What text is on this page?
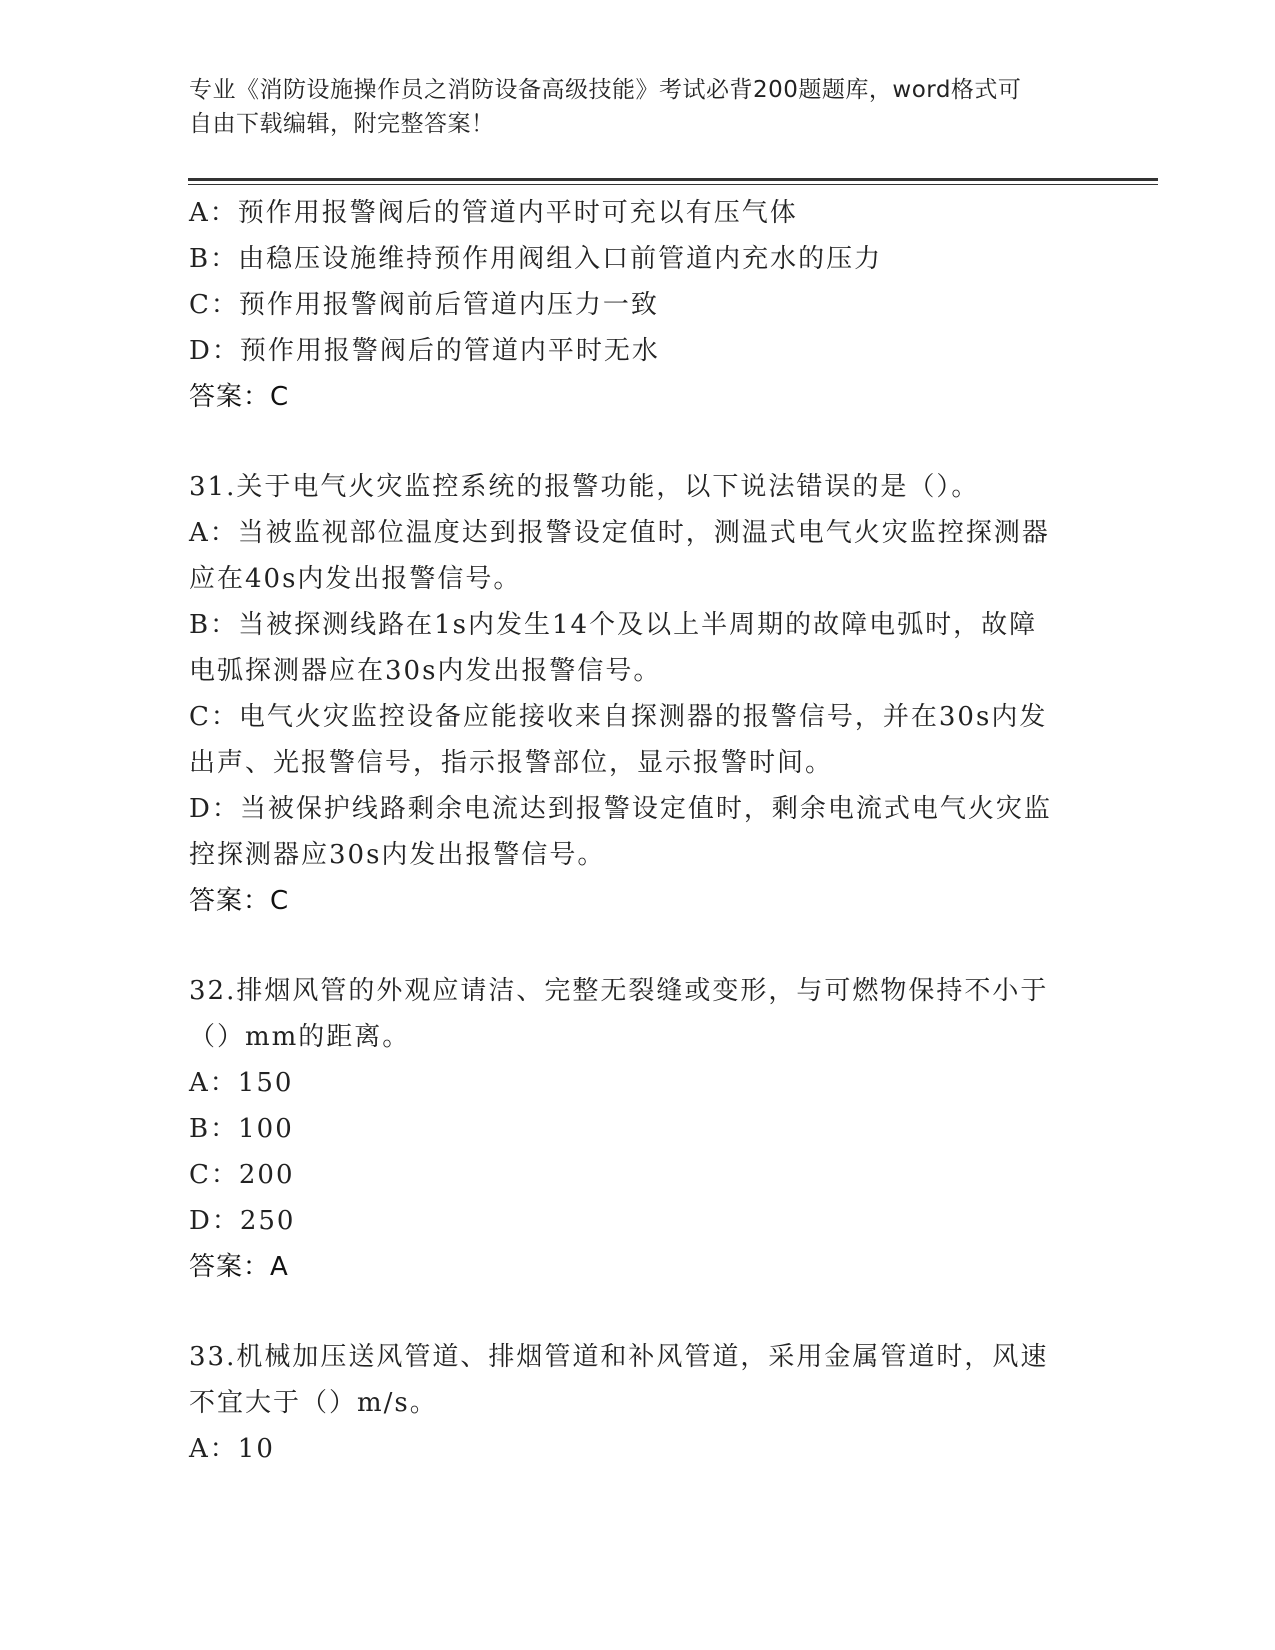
专业《消防设施操作员之消防设备高级技能》考试必背200题题库，word格式可
自由下载编辑，附完整答案！
A：预作用报警阀后的管道内平时可充以有压气体
B：由稳压设施维持预作用阀组入口前管道内充水的压力
C：预作用报警阀前后管道内压力一致
D：预作用报警阀后的管道内平时无水
答案：C
31.关于电气火灾监控系统的报警功能，以下说法错误的是（）。
A：当被监视部位温度达到报警设定值时，测温式电气火灾监控探测器
应在40s内发出报警信号。
B：当被探测线路在1s内发生14个及以上半周期的故障电弧时，故障
电弧探测器应在30s内发出报警信号。
C：电气火灾监控设备应能接收来自探测器的报警信号，并在30s内发
出声、光报警信号，指示报警部位，显示报警时间。
D：当被保护线路剩余电流达到报警设定值时，剩余电流式电气火灾监
控探测器应30s内发出报警信号。
答案：C
32.排烟风管的外观应请洁、完整无裂缝或变形，与可燃物保持不小于
（）mm的距离。
A：150
B：100
C：200
D：250
答案：A
33.机械加压送风管道、排烟管道和补风管道，采用金属管道时，风速
不宜大于（）m/s。
A：10
